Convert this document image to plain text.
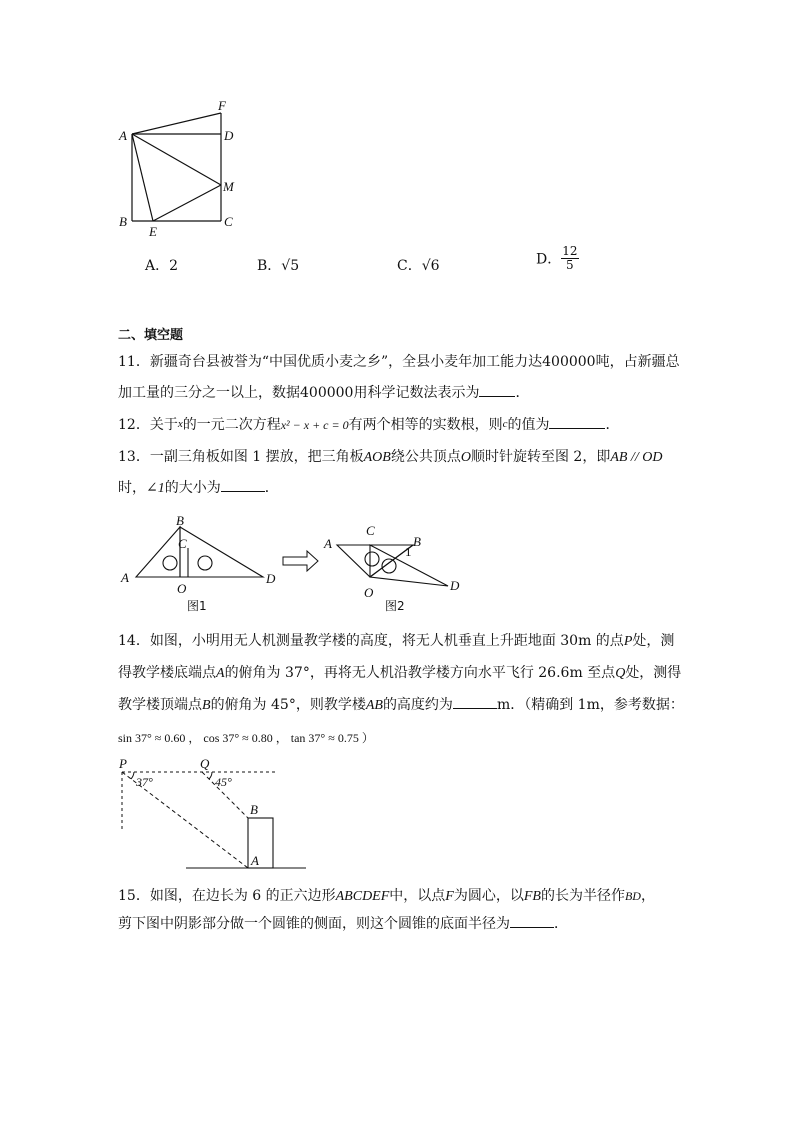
F
A	D
M
B	C
E
A．2	B．√5	C．√6	D． $\frac{12}{5}$
二、填空题
11．新疆奇台县被誉为“中国优质小麦之乡”，全县小麦年加工能力达400000吨，占新疆总
加工量的三分之一以上，数据400000用科学记数法表示为	．
12．关于x的一元二次方程x² − x + c = 0有两个相等的实数根，则c的值为	．
13．一副三角板如图 1 摆放，把三角板AOB绕公共顶点O顺时针旋转至图 2，即AB // OD
时，∠1的大小为	．
B
C
A
O
D
图1
C
A	B
1
O	D
图2
14．如图，小明用无人机测量教学楼的高度，将无人机垂直上升距地面 30m 的点P处，测
得教学楼底端点A的俯角为 37°，再将无人机沿教学楼方向水平飞行 26.6m 至点Q处，测得
教学楼顶端点B的俯角为 45°，则教学楼AB的高度约为	m．（精确到 1m，参考数据：
sin 37° ≈ 0.60 ， cos 37° ≈ 0.80 ， tan 37° ≈ 0.75 ）
P
37°
Q
45°
B
A
15．如图，在边长为 6 的正六边形ABCDEF中，以点F为圆心，以FB的长为半径作BD，
剪下图中阴影部分做一个圆锥的侧面，则这个圆锥的底面半径为	．
